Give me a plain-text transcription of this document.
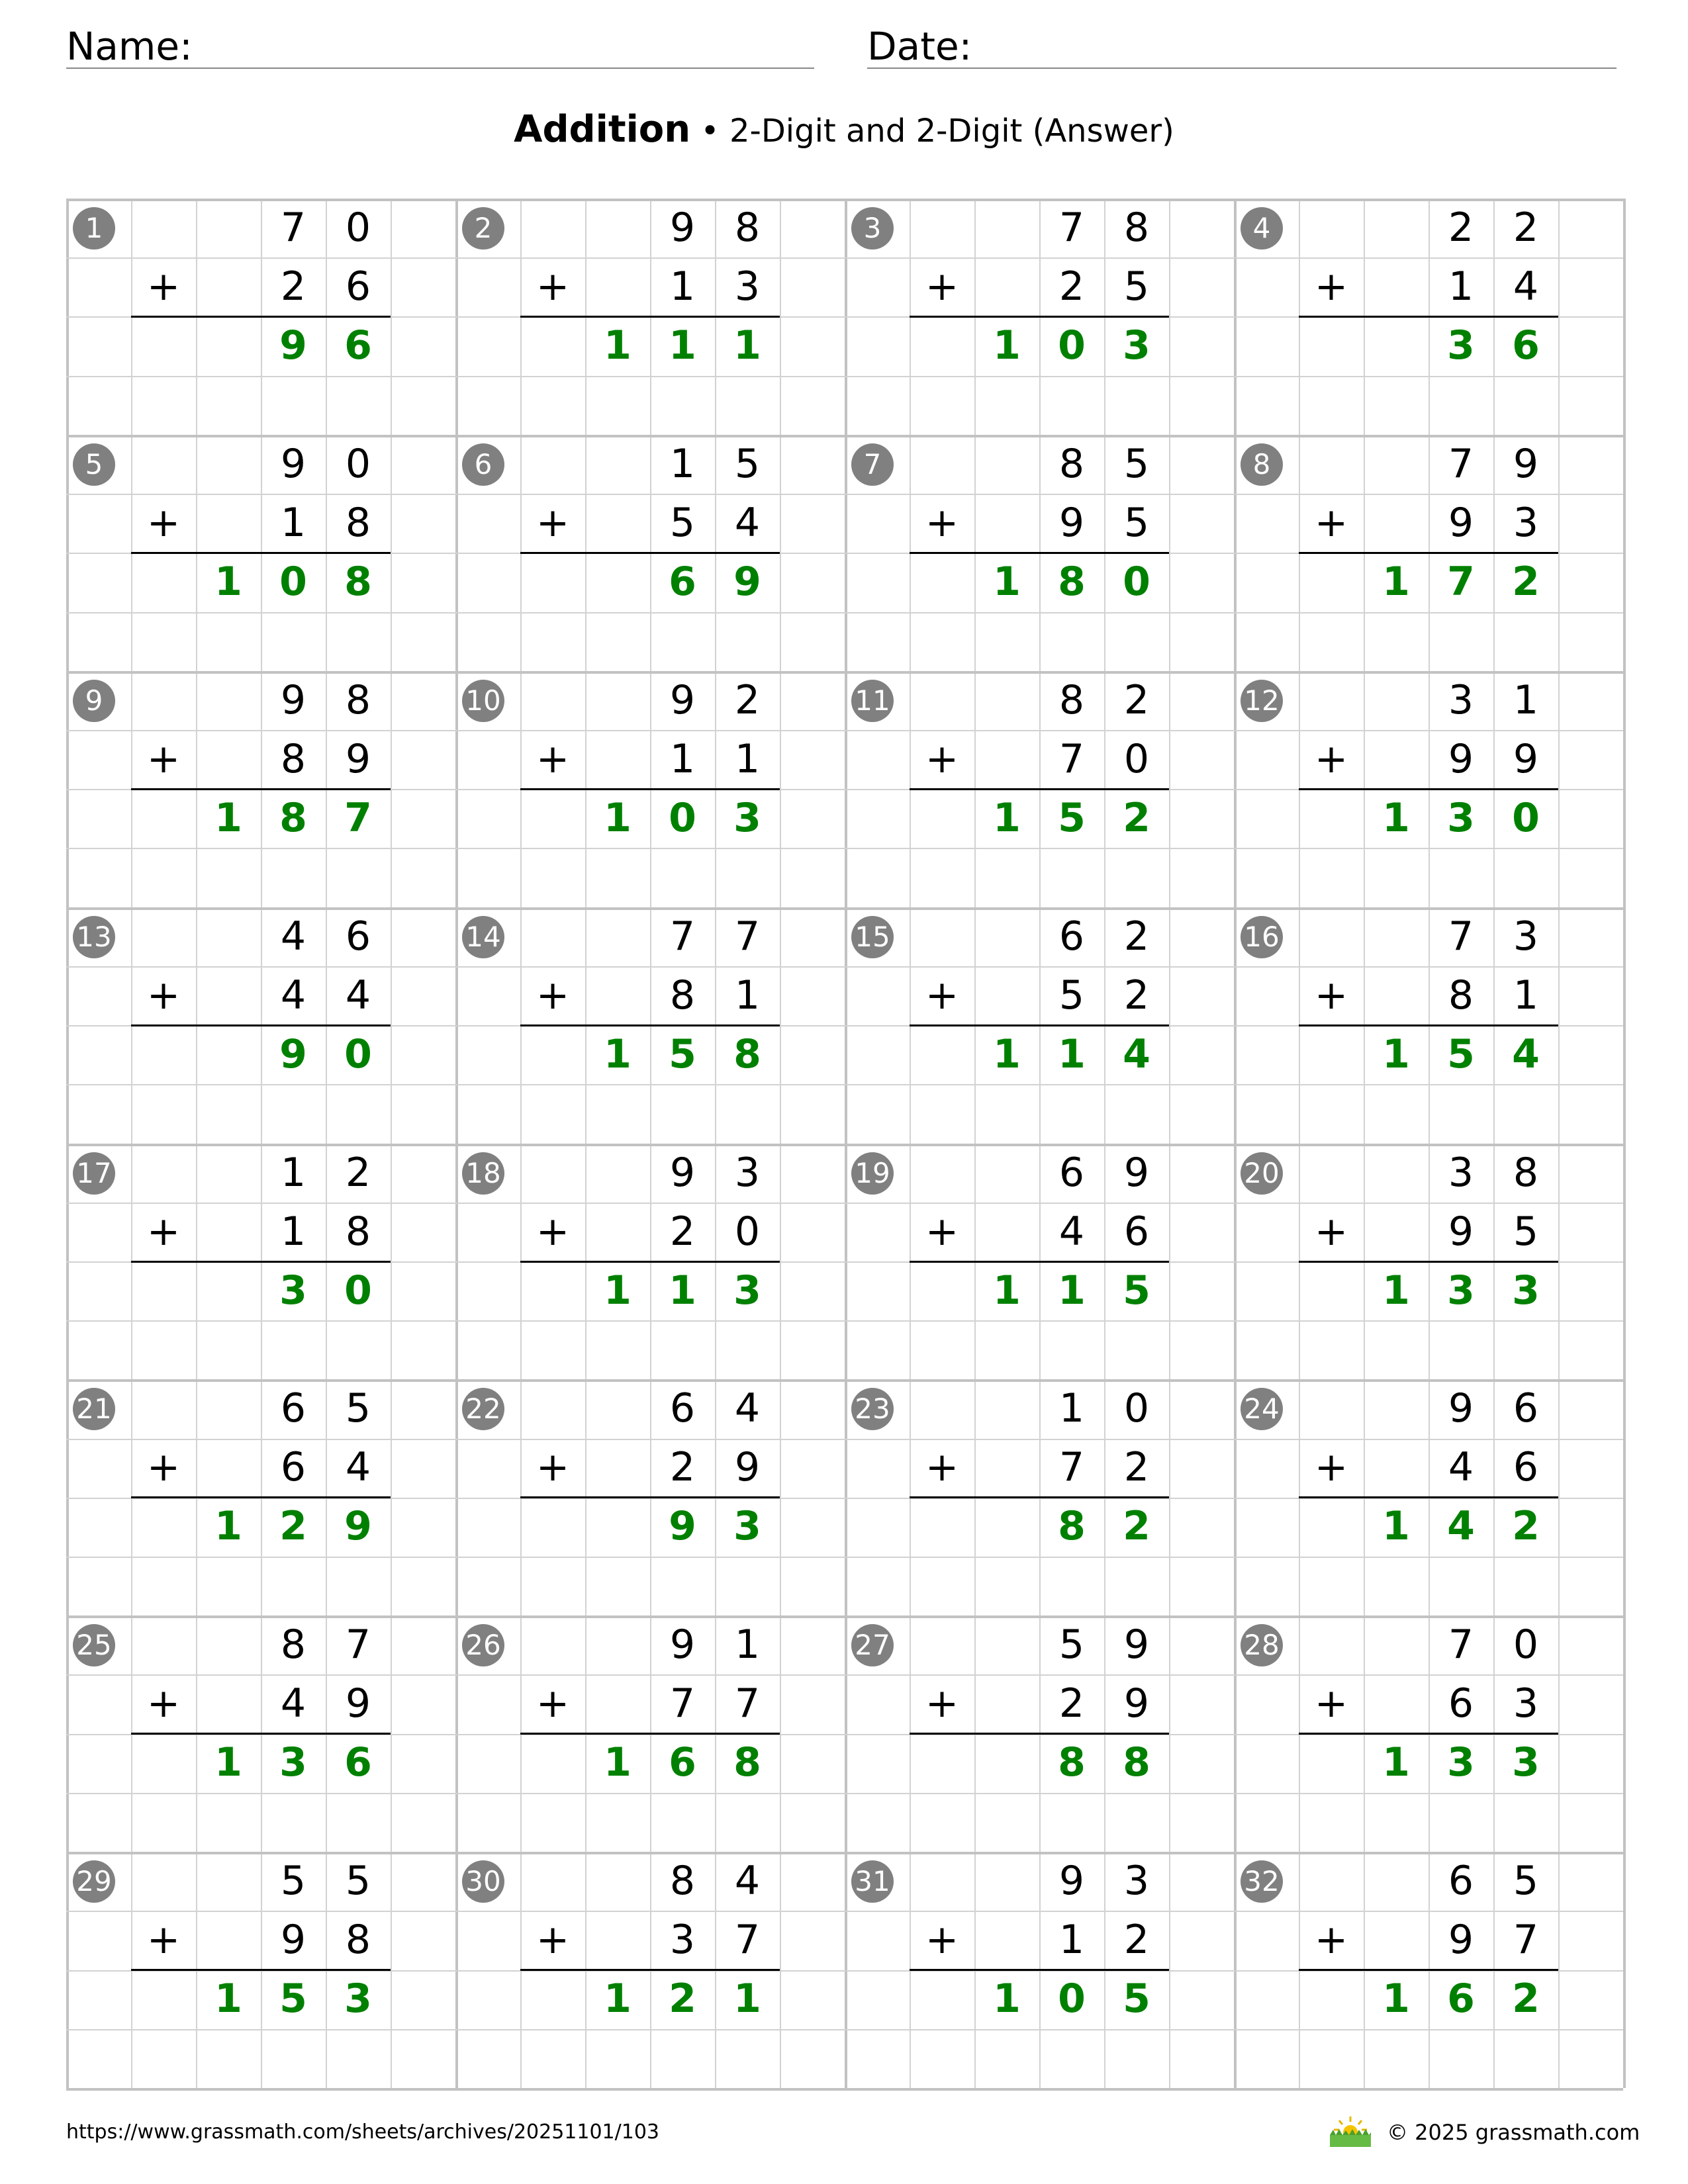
Name:	Date:
Addition • 2-Digit and 2-Digit (Answer)
1	7 0
2 6
+
9 6
2	9 8
1 3
+
1 1 1
3	7 8
2 5
+
1 0 3
4	2 2
1 4
+
3 6
5	9 0
1 8
+
1 0 8
6	1 5
5 4
+
6 9
7	8 5
9 5
+
1 8 0
8	7 9
9 3
+
1 7 2
9	9 8
8 9
+
1 8 7
10	9 2
1 1
+
1 0 3
11	8 2
7 0
+
1 5 2
12	3 1
9 9
+
1 3 0
13	4 6
4 4
+
9 0
14	7 7
8 1
+
1 5 8
15	6 2
5 2
+
1 1 4
16	7 3
8 1
+
1 5 4
17	1 2
1 8
+
3 0
18	9 3
2 0
+
1 1 3
19	6 9
4 6
+
1 1 5
20	3 8
9 5
+
1 3 3
21	6 5
6 4
+
1 2 9
22	6 4
2 9
+
9 3
23	1 0
7 2
+
8 2
24	9 6
4 6
+
1 4 2
25	8 7
4 9
+
1 3 6
26	9 1
7 7
+
1 6 8
27	5 9
2 9
+
8 8
28	7 0
6 3
+
1 3 3
29	5 5
9 8
+
1 5 3
30	8 4
3 7
+
1 2 1
31	9 3
1 2
+
1 0 5
32	6 5
9 7
+
1 6 2
https://www.grassmath.com/sheets/archives/20251101/103	© 2025 grassmath.com
